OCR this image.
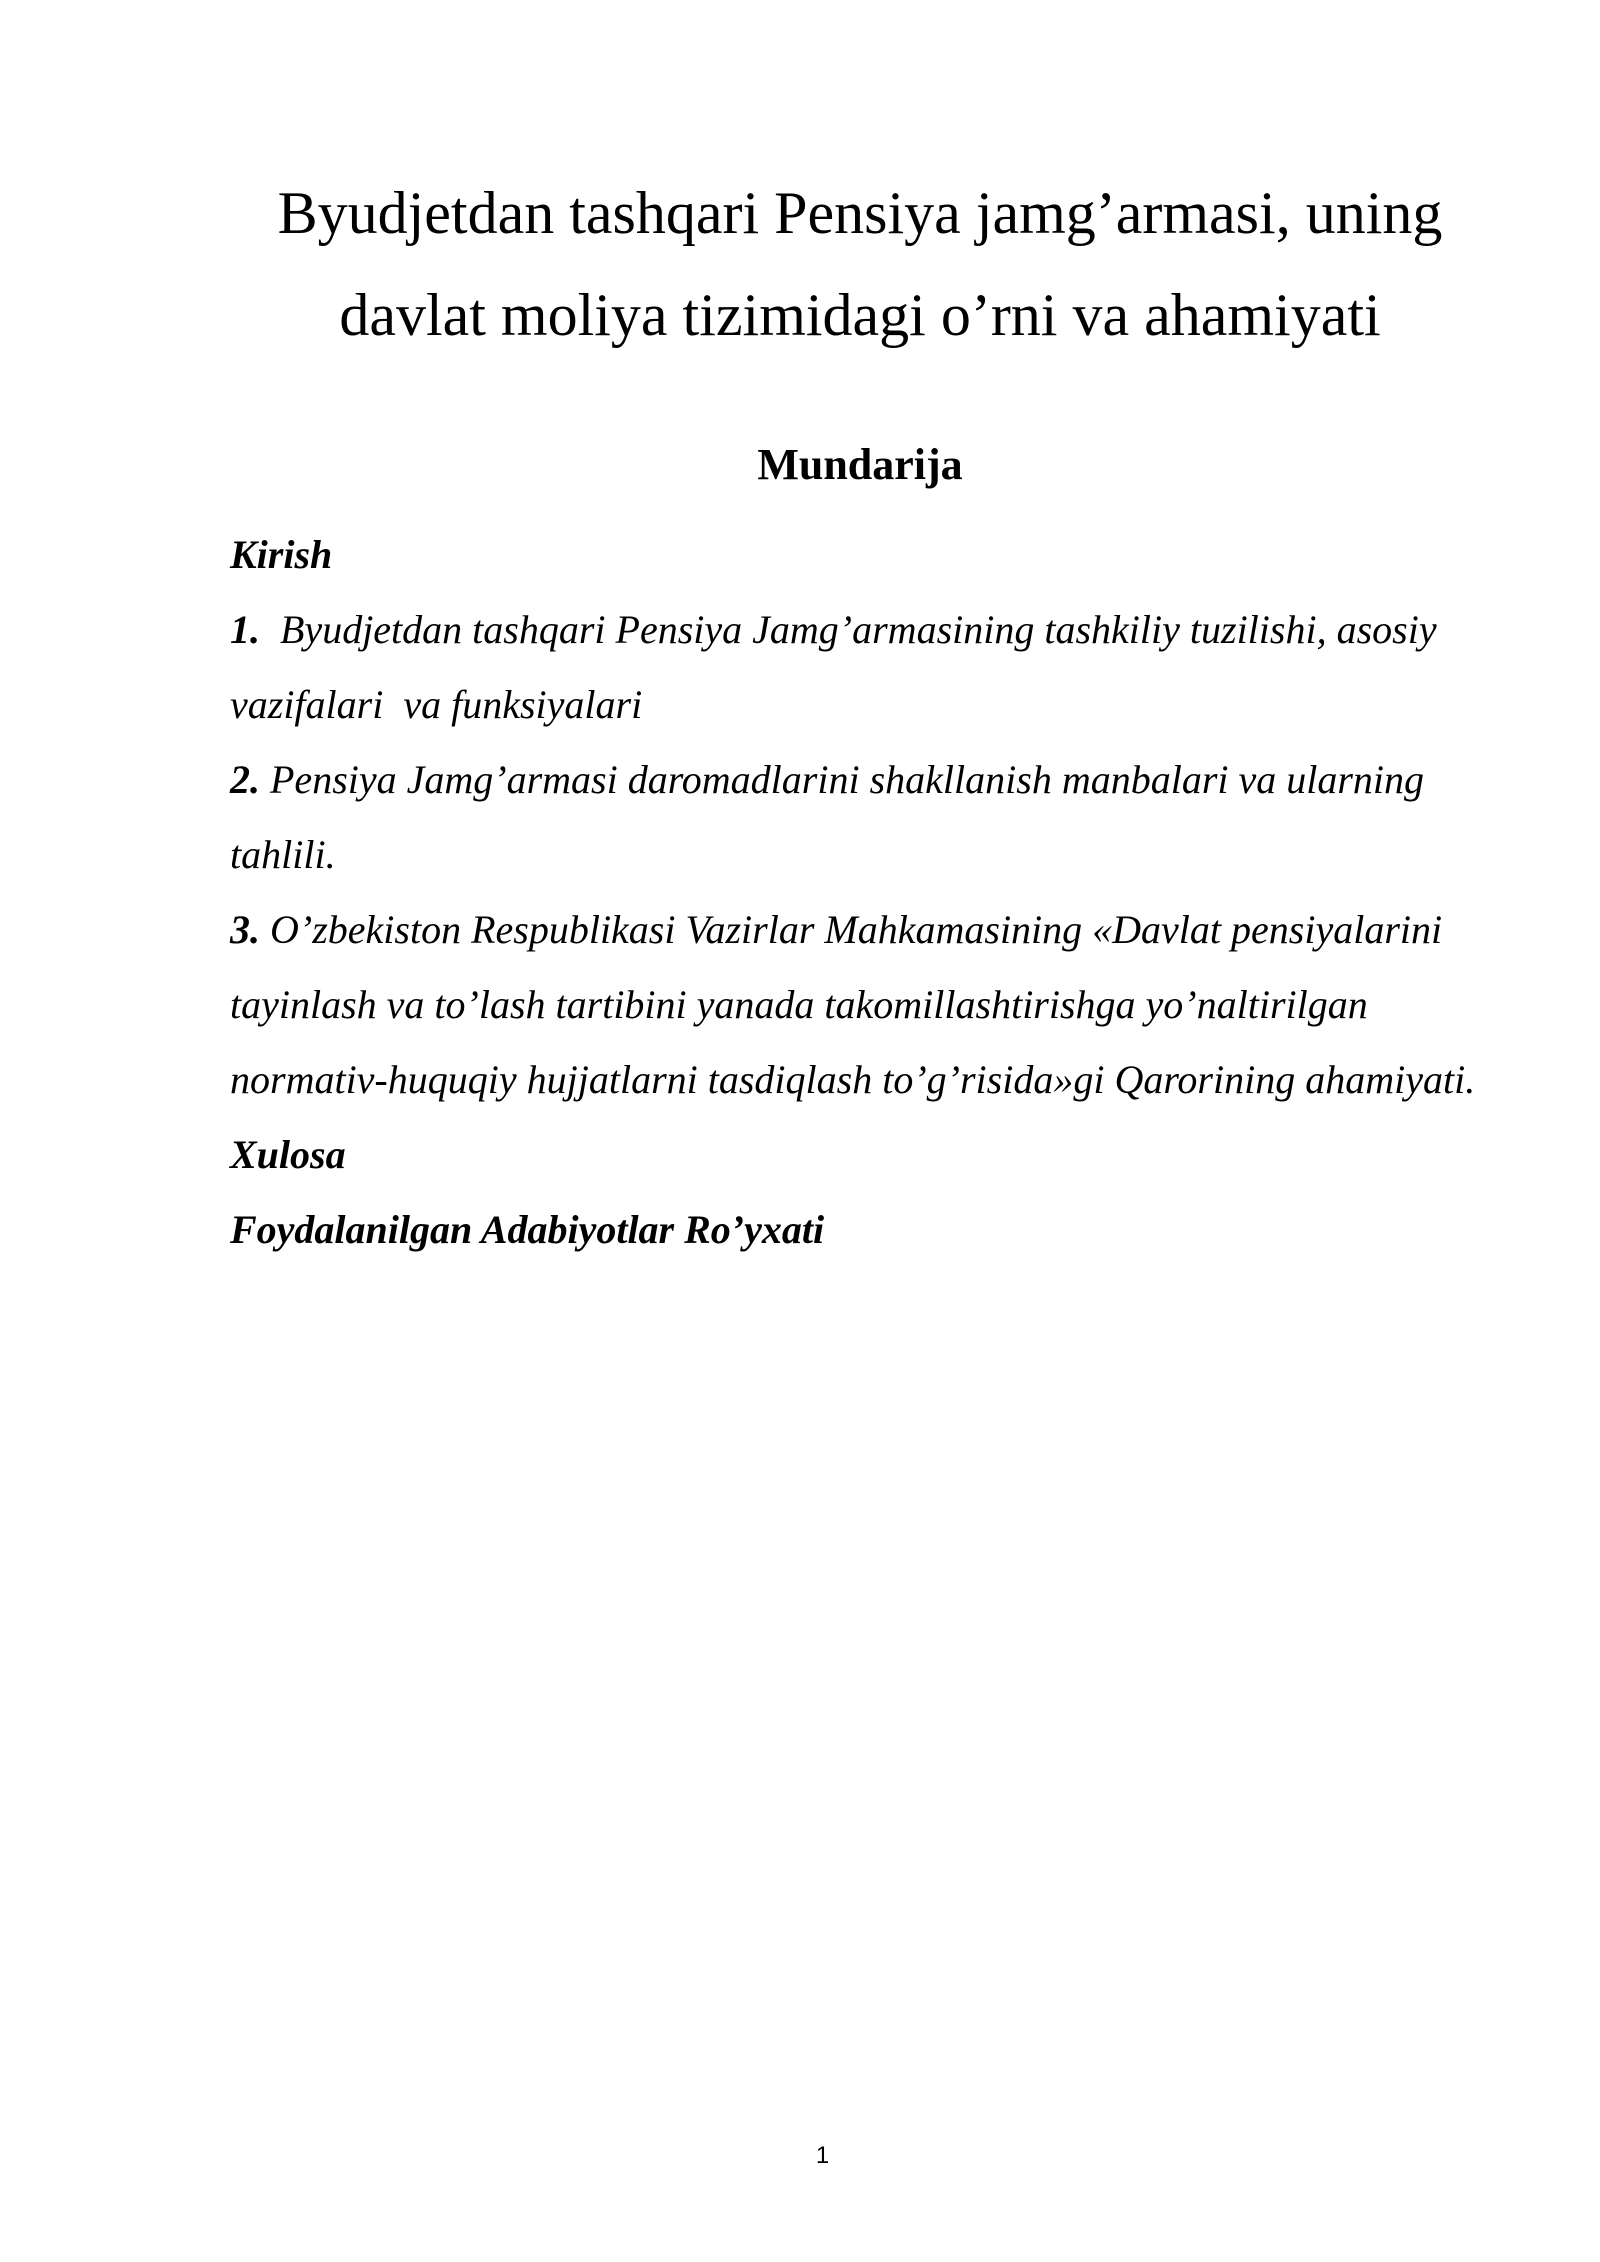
Byudjetdan tashqari Pensiya jamg’armasi, uning davlat moliya tizimidagi o’rni va ahamiyati
Mundarija
Kirish
1. Byudjetdan tashqari Pensiya Jamg’armasining tashkiliy tuzilishi, asosiy vazifalari  va funksiyalari
2. Pensiya Jamg’armasi daromadlarini shakllanish manbalari va ularning tahlili.
3. O’zbekiston Respublikasi Vazirlar Mahkamasining «Davlat pensiyalarini tayinlash va to’lash tartibini yanada takomillashtirishga yo’naltirilgan normativ-huquqiy hujjatlarni tasdiqlash to’g’risida»gi Qarorining ahamiyati.
Xulosa
Foydalanilgan Adabiyotlar Ro’yxati
1
